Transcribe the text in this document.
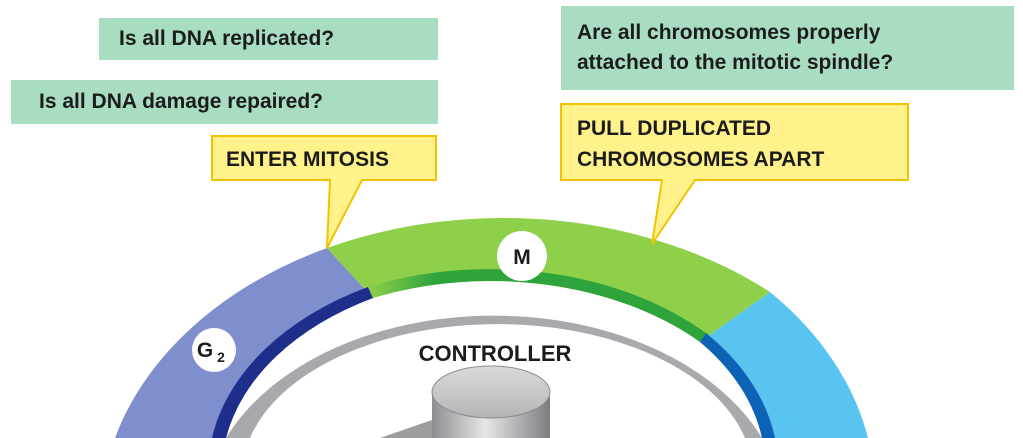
G 2
M
CONTROLLER
Is all DNA replicated?
Is all DNA damage repaired?
Are all chromosomes properly
attached to the mitotic spindle?
ENTER MITOSIS
PULL DUPLICATED
CHROMOSOMES APART
